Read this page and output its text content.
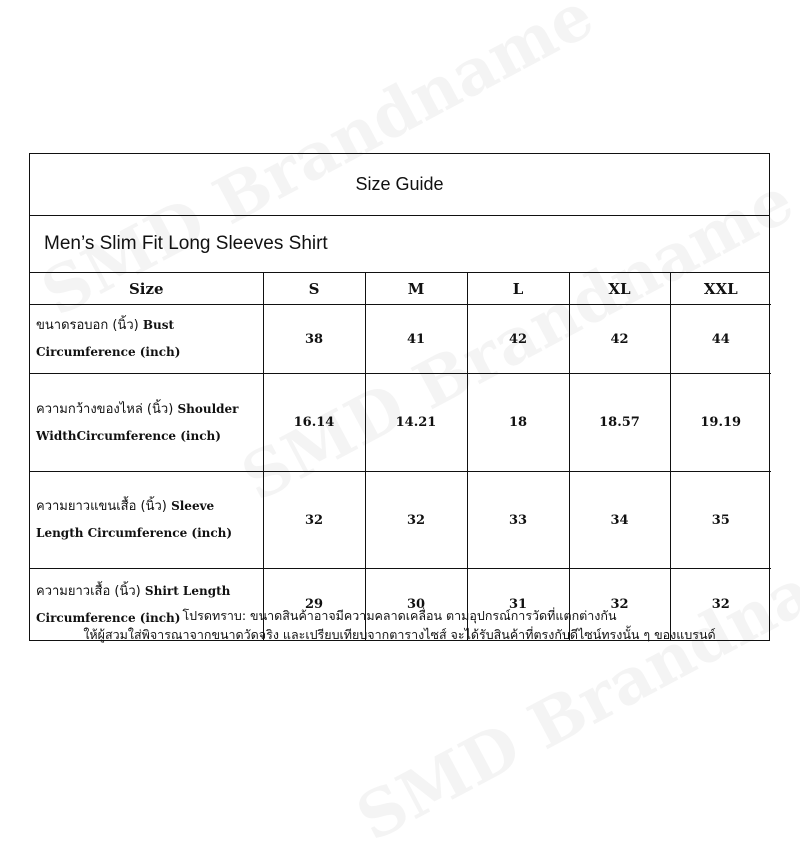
Size Guide
Men’s Slim Fit Long Sleeves Shirt
Size	S	M	L	XL	XXL
ขนาดรอบอก (นิ้ว) Bust Circumference (inch)	38	41	42	42	44
ความกว้างของไหล่ (นิ้ว) Shoulder WidthCircumference (inch)	16.14	14.21	18	18.57	19.19
ความยาวแขนเสื้อ (นิ้ว) Sleeve Length Circumference (inch)	32	32	33	34	35
ความยาวเสื้อ (นิ้ว) Shirt Length Circumference (inch)	29	30	31	32	32
โปรดทราบ: ขนาดสินค้าอาจมีความคลาดเคลื่อน ตามอุปกรณ์การวัดที่แตกต่างกัน
ให้ผู้สวมใส่พิจารณาจากขนาดวัดจริง และเปรียบเทียบจากตารางไซส์ จะได้รับสินค้าที่ตรงกับดีไซน์ทรงนั้น ๆ ของแบรนด์
